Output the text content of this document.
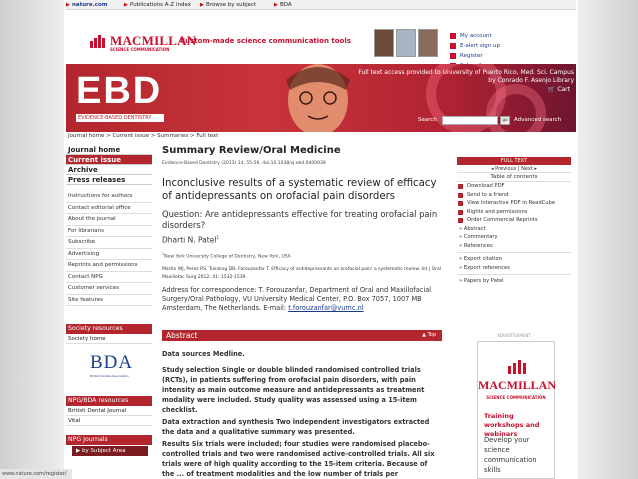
▶ nature.com	▶ Publications A-Z index ▶ Browse by subject	▶ BDA
MACMILLAN
SCIENCE COMMUNICATION
Custom-made science communication tools
My account
E-alert sign up
Register
EBD
EVIDENCE-BASED DENTISTRY
Full text access provided to University of Puerto Rico, Med. Sci. Campus
by Conrado F. Asenjo Library
🛒 Cart
Search	go	Advanced search
Journal home > Current issue > Summaries > Full text
Journal home
Current issue
Archive
Press releases
Instructions for authors
Contact editorial office
About the journal
For librarians
Subscribe
Advertising
Reprints and permissions
Contact NPG
Customer services
Site features
Society resources
Society home
BDA
British Dental Association
NPG/BDA resources
British Dental Journal
Vital
NPG Journals
▶ by Subject Area
Summary Review/Oral Medicine
Evidence-Based Dentistry (2013) 14, 55-56. doi:10.1038/sj.ebd.6400938
Inconclusive results of a systematic review of efficacy of antidepressants on orofacial pain disorders
Question: Are antidepressants effective for treating orofacial pain disorders?
Dharti N. Patel$^1$
$^1$New York University College of Dentistry, New York, USA
Martin WJ, Perez RS, Tuinzing DB, Forouzanfar T. Efficacy of antidepressants on orofacial pain: a systematic review. Int J Oral Maxillofac Surg 2012; 41: 1532-1539.
Address for correspondence: T. Forouzanfar, Department of Oral and Maxillofacial Surgery/Oral Pathology, VU University Medical Center, P.O. Box 7057, 1007 MB Amsterdam, The Netherlands. E-mail: t.forouzanfar@vumc.nl
Abstract	▲ Top
Data sources Medline.
Study selection Single or double blinded randomised controlled trials (RCTs), in patients suffering from orofacial pain disorders, with pain intensity as main outcome measure and antidepressants as treatment modality were included. Study quality was assessed using a 15-item checklist.
Data extraction and synthesis Two independent investigators extracted the data and a qualitative summary was presented.
Results Six trials were included; four studies were randomised placebo-controlled trials and two were randomised active-controlled trials. All six trials were of high quality according to the 15-item criteria. Because of the ... of treatment modalities and the low number of trials per
FULL TEXT
◂ Previous | Next ▸
Table of contents
Download PDF
Send to a friend
View interactive PDF in ReadCube
Rights and permissions
Order Commercial Reprints
» Abstract
» Commentary
» References
» Export citation
» Export references
» Papers by Patel
ADVERTISEMENT
MACMILLAN
SCIENCE COMMUNICATION
Training workshops and webinars
Develop your science communication skills
www.nature.com/register/
